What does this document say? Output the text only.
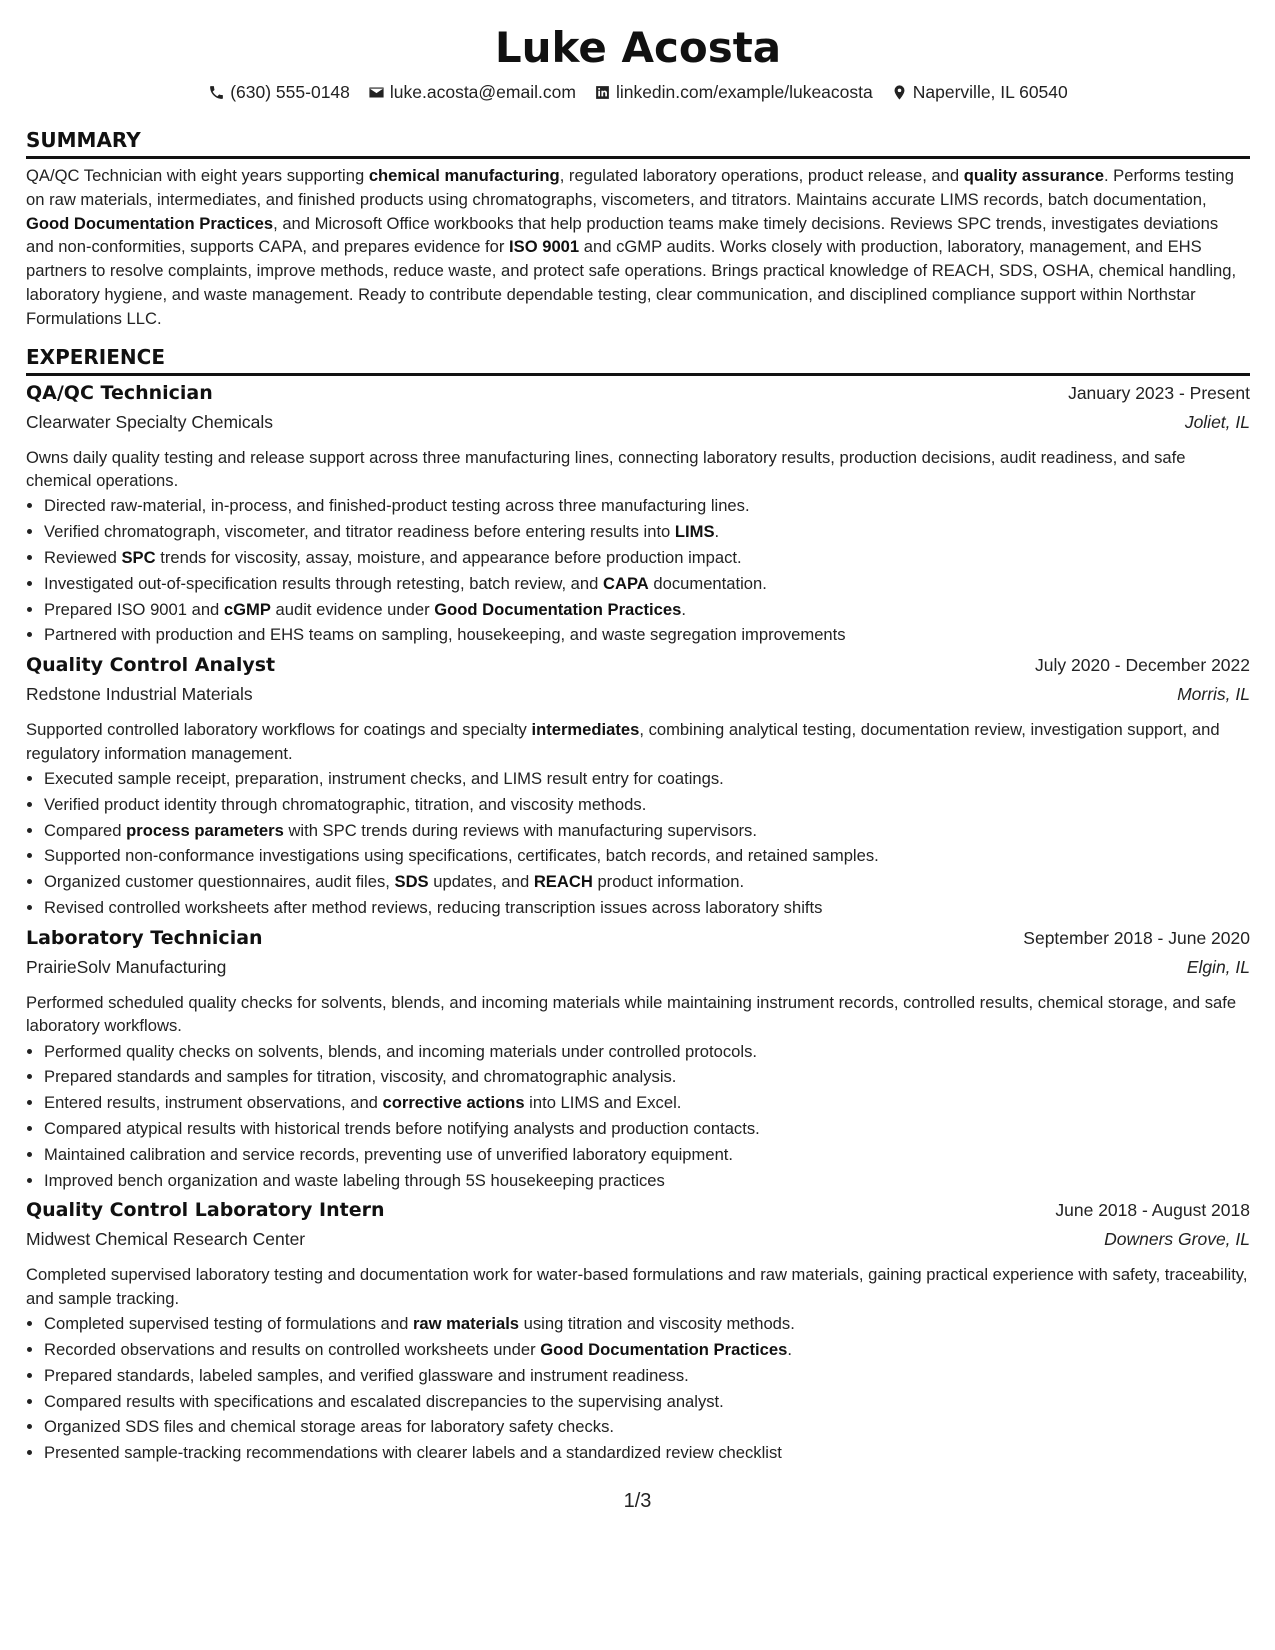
Luke Acosta
(630) 555-0148 luke.acosta@email.com linkedin.com/example/lukeacosta Naperville, IL 60540
SUMMARY
QA/QC Technician with eight years supporting chemical manufacturing, regulated laboratory operations, product release, and quality assurance. Performs testing on raw materials, intermediates, and finished products using chromatographs, viscometers, and titrators. Maintains accurate LIMS records, batch documentation, Good Documentation Practices, and Microsoft Office workbooks that help production teams make timely decisions. Reviews SPC trends, investigates deviations and non-conformities, supports CAPA, and prepares evidence for ISO 9001 and cGMP audits. Works closely with production, laboratory, management, and EHS partners to resolve complaints, improve methods, reduce waste, and protect safe operations. Brings practical knowledge of REACH, SDS, OSHA, chemical handling, laboratory hygiene, and waste management. Ready to contribute dependable testing, clear communication, and disciplined compliance support within Northstar Formulations LLC.
EXPERIENCE
QA/QC Technician	January 2023 - Present
Clearwater Specialty Chemicals	Joliet, IL
Owns daily quality testing and release support across three manufacturing lines, connecting laboratory results, production decisions, audit readiness, and safe chemical operations.
• Directed raw-material, in-process, and finished-product testing across three manufacturing lines.
• Verified chromatograph, viscometer, and titrator readiness before entering results into LIMS.
• Reviewed SPC trends for viscosity, assay, moisture, and appearance before production impact.
• Investigated out-of-specification results through retesting, batch review, and CAPA documentation.
• Prepared ISO 9001 and cGMP audit evidence under Good Documentation Practices.
• Partnered with production and EHS teams on sampling, housekeeping, and waste segregation improvements
Quality Control Analyst	July 2020 - December 2022
Redstone Industrial Materials	Morris, IL
Supported controlled laboratory workflows for coatings and specialty intermediates, combining analytical testing, documentation review, investigation support, and regulatory information management.
• Executed sample receipt, preparation, instrument checks, and LIMS result entry for coatings.
• Verified product identity through chromatographic, titration, and viscosity methods.
• Compared process parameters with SPC trends during reviews with manufacturing supervisors.
• Supported non-conformance investigations using specifications, certificates, batch records, and retained samples.
• Organized customer questionnaires, audit files, SDS updates, and REACH product information.
• Revised controlled worksheets after method reviews, reducing transcription issues across laboratory shifts
Laboratory Technician	September 2018 - June 2020
PrairieSolv Manufacturing	Elgin, IL
Performed scheduled quality checks for solvents, blends, and incoming materials while maintaining instrument records, controlled results, chemical storage, and safe laboratory workflows.
• Performed quality checks on solvents, blends, and incoming materials under controlled protocols.
• Prepared standards and samples for titration, viscosity, and chromatographic analysis.
• Entered results, instrument observations, and corrective actions into LIMS and Excel.
• Compared atypical results with historical trends before notifying analysts and production contacts.
• Maintained calibration and service records, preventing use of unverified laboratory equipment.
• Improved bench organization and waste labeling through 5S housekeeping practices
Quality Control Laboratory Intern	June 2018 - August 2018
Midwest Chemical Research Center	Downers Grove, IL
Completed supervised laboratory testing and documentation work for water-based formulations and raw materials, gaining practical experience with safety, traceability, and sample tracking.
• Completed supervised testing of formulations and raw materials using titration and viscosity methods.
• Recorded observations and results on controlled worksheets under Good Documentation Practices.
• Prepared standards, labeled samples, and verified glassware and instrument readiness.
• Compared results with specifications and escalated discrepancies to the supervising analyst.
• Organized SDS files and chemical storage areas for laboratory safety checks.
• Presented sample-tracking recommendations with clearer labels and a standardized review checklist
1/3
